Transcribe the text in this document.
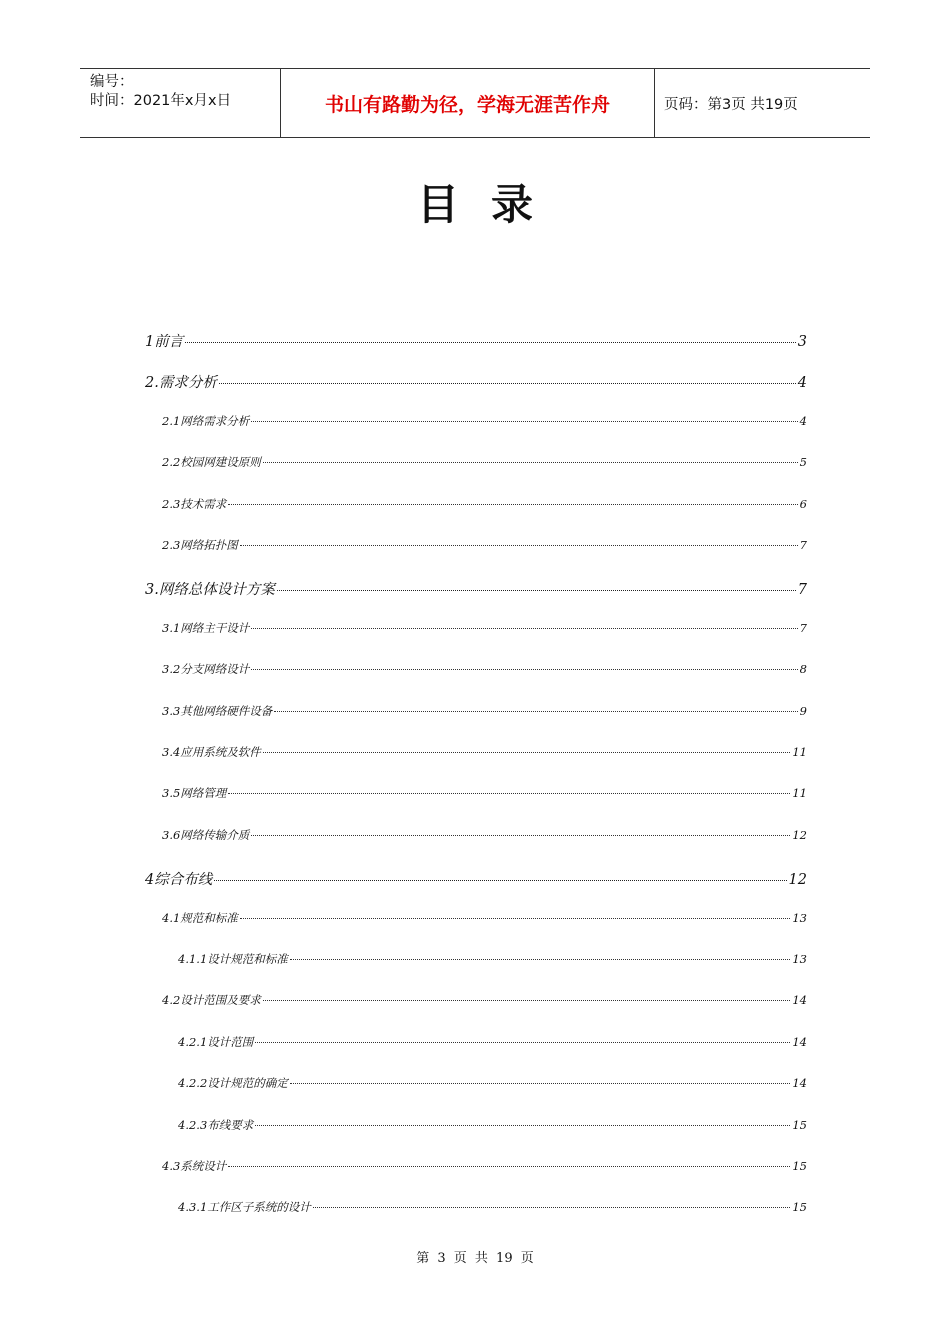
编号：
时间：2021年x月x日	书山有路勤为径，学海无涯苦作舟	页码：第3页 共19页
目录
1前言	3
2.需求分析	4
2.1网络需求分析	4
2.2校园网建设原则	5
2.3技术需求	6
2.3网络拓扑图	7
3.网络总体设计方案	7
3.1网络主干设计	7
3.2分支网络设计	8
3.3其他网络硬件设备	9
3.4应用系统及软件	11
3.5网络管理	11
3.6网络传输介质	12
4综合布线	12
4.1规范和标准	13
4.1.1设计规范和标准	13
4.2设计范围及要求	14
4.2.1设计范围	14
4.2.2设计规范的确定	14
4.2.3布线要求	15
4.3系统设计	15
4.3.1工作区子系统的设计	15
第 3 页 共 19 页
